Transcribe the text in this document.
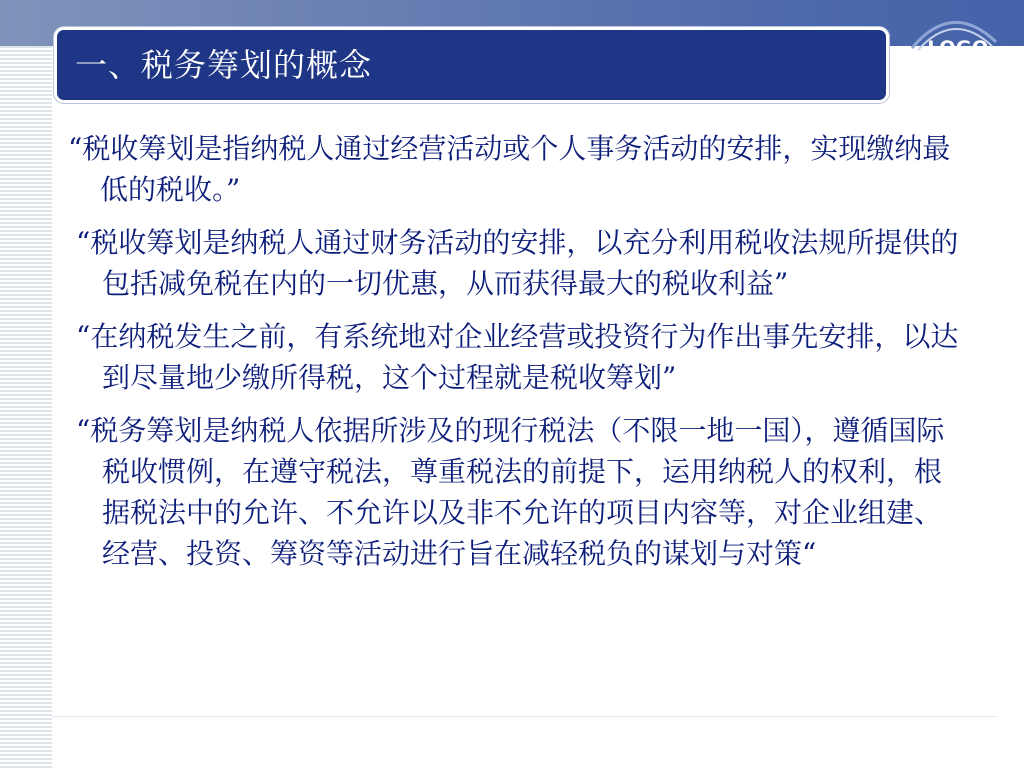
一、税务筹划的概念	LOGO

“税收筹划是指纳税人通过经营活动或个人事务活动的安排，实现缴纳最低的税收。”

“税收筹划是纳税人通过财务活动的安排，以充分利用税收法规所提供的包括减免税在内的一切优惠，从而获得最大的税收利益”

“在纳税发生之前，有系统地对企业经营或投资行为作出事先安排，以达到尽量地少缴所得税，这个过程就是税收筹划”

“税务筹划是纳税人依据所涉及的现行税法（不限一地一国），遵循国际税收惯例，在遵守税法，尊重税法的前提下，运用纳税人的权利，根据税法中的允许、不允许以及非不允许的项目内容等，对企业组建、经营、投资、筹资等活动进行旨在减轻税负的谋划与对策“
